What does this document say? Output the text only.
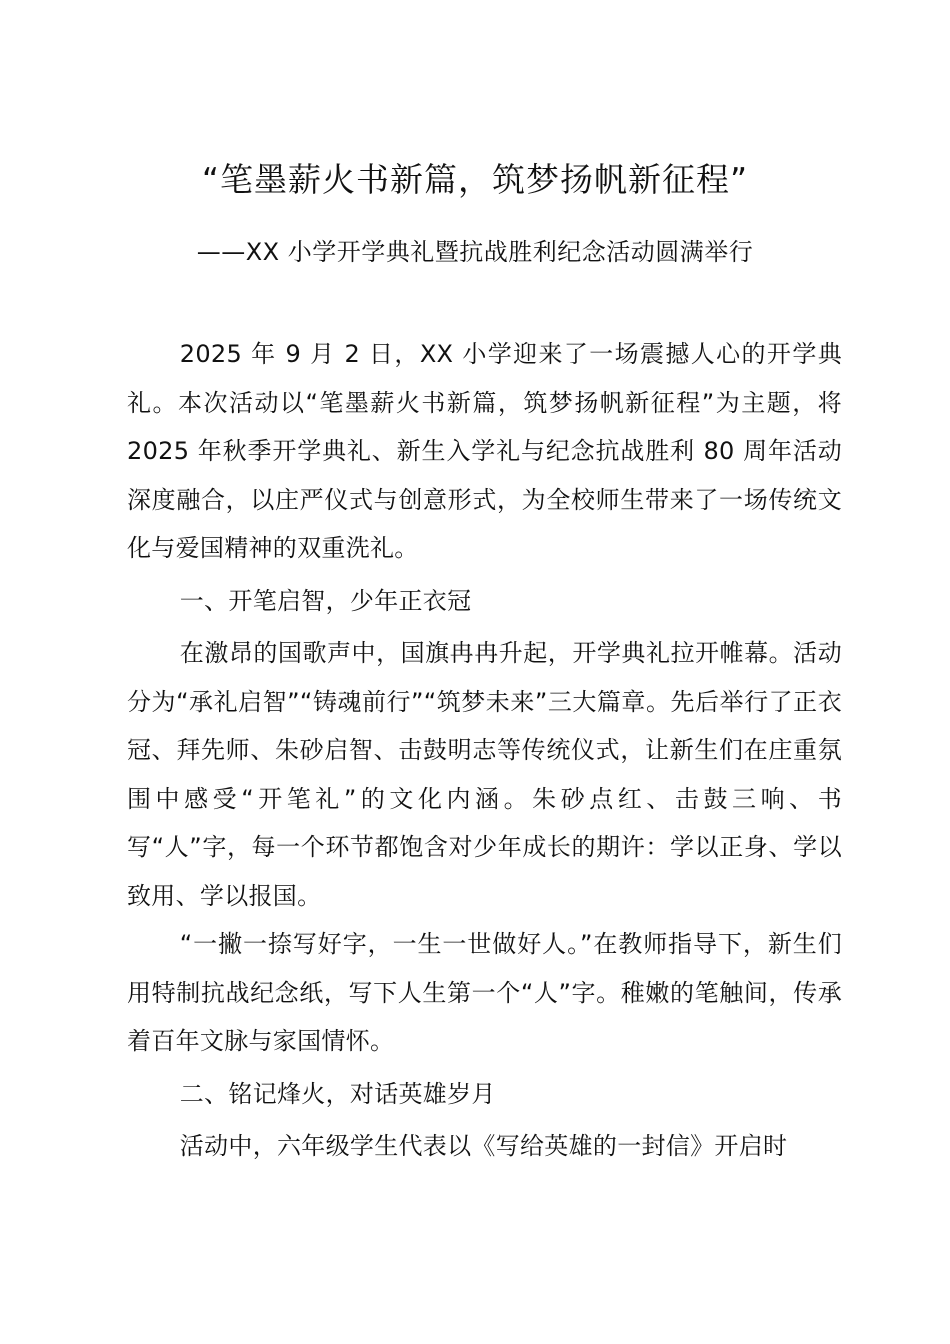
“笔墨薪火书新篇，筑梦扬帆新征程”
——XX 小学开学典礼暨抗战胜利纪念活动圆满举行

2025 年 9 月 2 日，XX 小学迎来了一场震撼人心的开学典礼。本次活动以“笔墨薪火书新篇，筑梦扬帆新征程”为主题，将 2025 年秋季开学典礼、新生入学礼与纪念抗战胜利 80 周年活动深度融合，以庄严仪式与创意形式，为全校师生带来了一场传统文化与爱国精神的双重洗礼。

一、开笔启智，少年正衣冠

在激昂的国歌声中，国旗冉冉升起，开学典礼拉开帷幕。活动分为“承礼启智”“铸魂前行”“筑梦未来”三大篇章。先后举行了正衣冠、拜先师、朱砂启智、击鼓明志等传统仪式，让新生们在庄重氛围中感受“开笔礼”的文化内涵。朱砂点红、击鼓三响、书写“人”字，每一个环节都饱含对少年成长的期许：学以正身、学以致用、学以报国。

“一撇一捺写好字，一生一世做好人。”在教师指导下，新生们用特制抗战纪念纸，写下人生第一个“人”字。稚嫩的笔触间，传承着百年文脉与家国情怀。

二、铭记烽火，对话英雄岁月

活动中，六年级学生代表以《写给英雄的一封信》开启时
